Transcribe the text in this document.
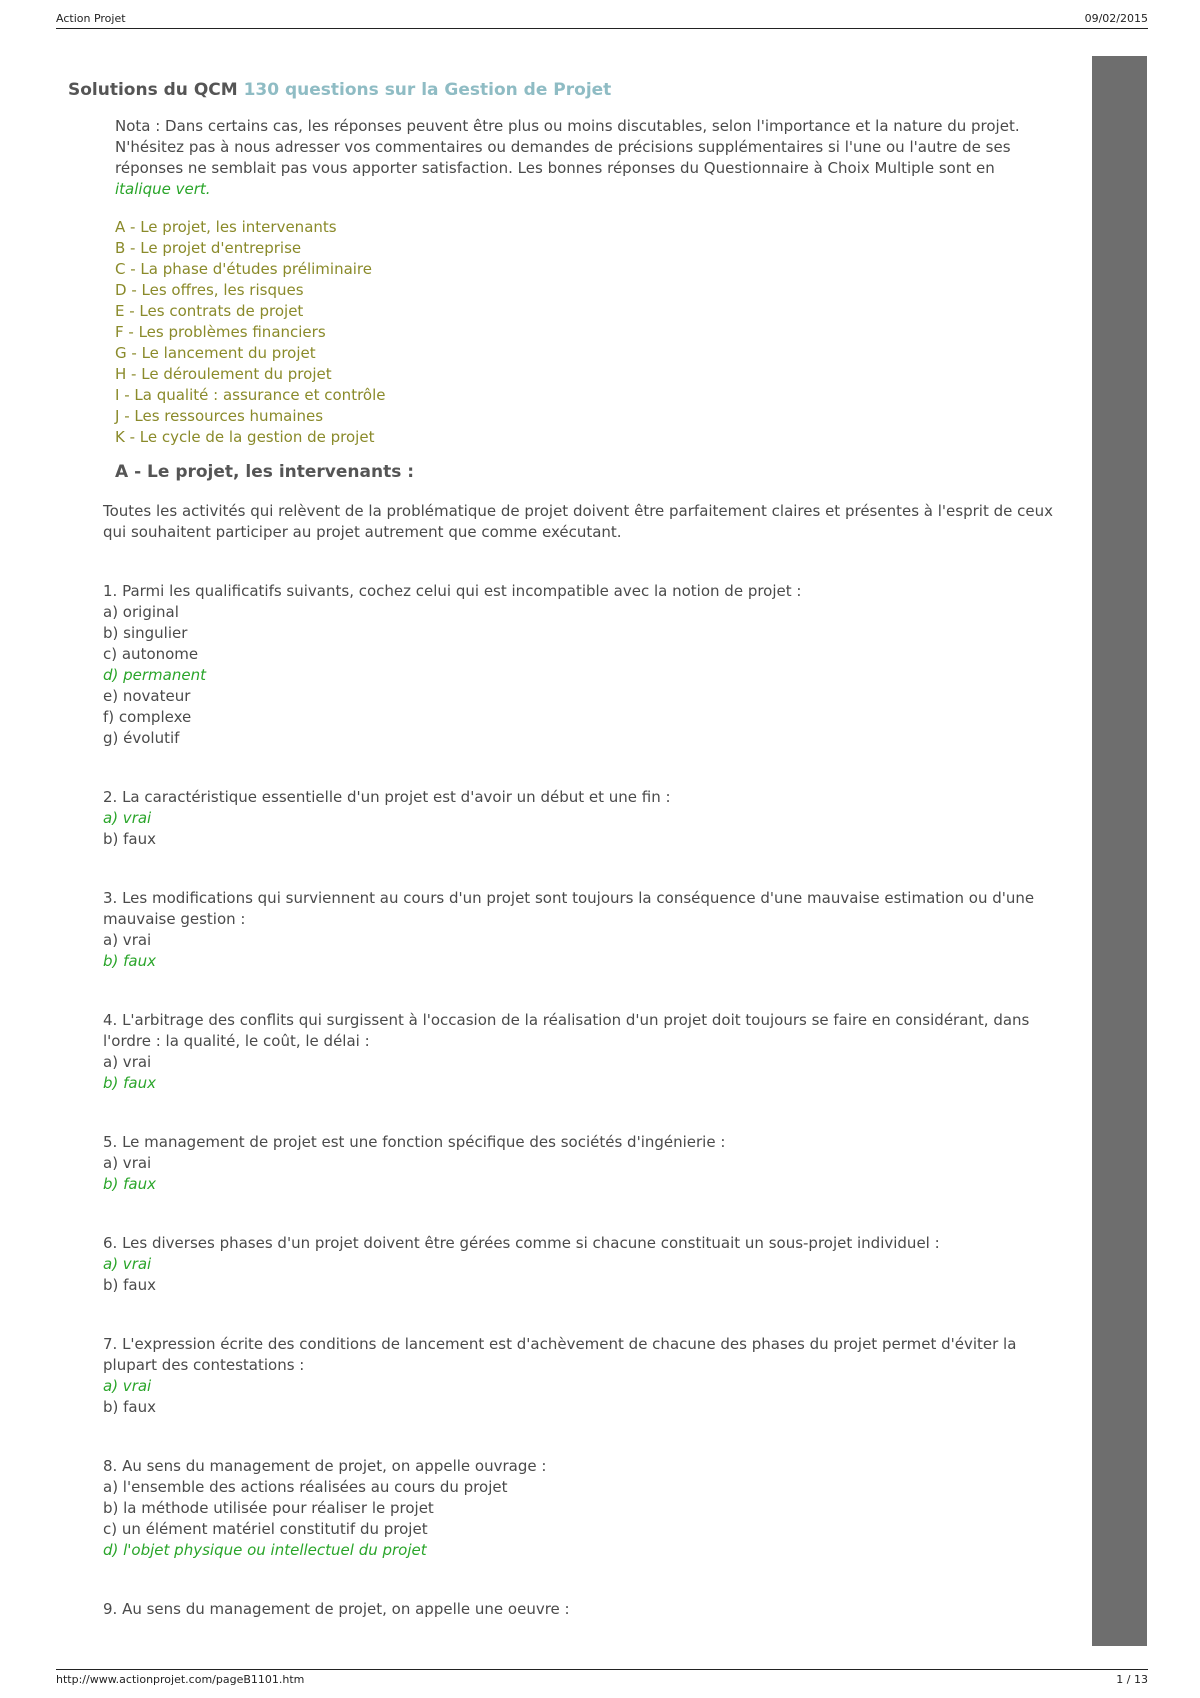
Action Projet	09/02/2015
Solutions du QCM 130 questions sur la Gestion de Projet

Nota : Dans certains cas, les réponses peuvent être plus ou moins discutables, selon l'importance et la nature du projet. N'hésitez pas à nous adresser vos commentaires ou demandes de précisions supplémentaires si l'une ou l'autre de ses réponses ne semblait pas vous apporter satisfaction. Les bonnes réponses du Questionnaire à Choix Multiple sont en
italique vert.

A - Le projet, les intervenants
B - Le projet d'entreprise
C - La phase d'études préliminaire
D - Les offres, les risques
E - Les contrats de projet
F - Les problèmes financiers
G - Le lancement du projet
H - Le déroulement du projet
I - La qualité : assurance et contrôle
J - Les ressources humaines
K - Le cycle de la gestion de projet
A - Le projet, les intervenants :

Toutes les activités qui relèvent de la problématique de projet doivent être parfaitement claires et présentes à l'esprit de ceux qui souhaitent participer au projet autrement que comme exécutant.

1. Parmi les qualificatifs suivants, cochez celui qui est incompatible avec la notion de projet :
a) original
b) singulier
c) autonome
d) permanent
e) novateur
f) complexe
g) évolutif
2. La caractéristique essentielle d'un projet est d'avoir un début et une fin :
a) vrai
b) faux
3. Les modifications qui surviennent au cours d'un projet sont toujours la conséquence d'une mauvaise estimation ou d'une mauvaise gestion :
a) vrai
b) faux
4. L'arbitrage des conflits qui surgissent à l'occasion de la réalisation d'un projet doit toujours se faire en considérant, dans l'ordre : la qualité, le coût, le délai :
a) vrai
b) faux
5. Le management de projet est une fonction spécifique des sociétés d'ingénierie :
a) vrai
b) faux
6. Les diverses phases d'un projet doivent être gérées comme si chacune constituait un sous-projet individuel :
a) vrai
b) faux
7. L'expression écrite des conditions de lancement est d'achèvement de chacune des phases du projet permet d'éviter la plupart des contestations :
a) vrai
b) faux
8. Au sens du management de projet, on appelle ouvrage :
a) l'ensemble des actions réalisées au cours du projet
b) la méthode utilisée pour réaliser le projet
c) un élément matériel constitutif du projet
d) l'objet physique ou intellectuel du projet
9. Au sens du management de projet, on appelle une oeuvre :
http://www.actionprojet.com/pageB1101.htm	1 / 13
